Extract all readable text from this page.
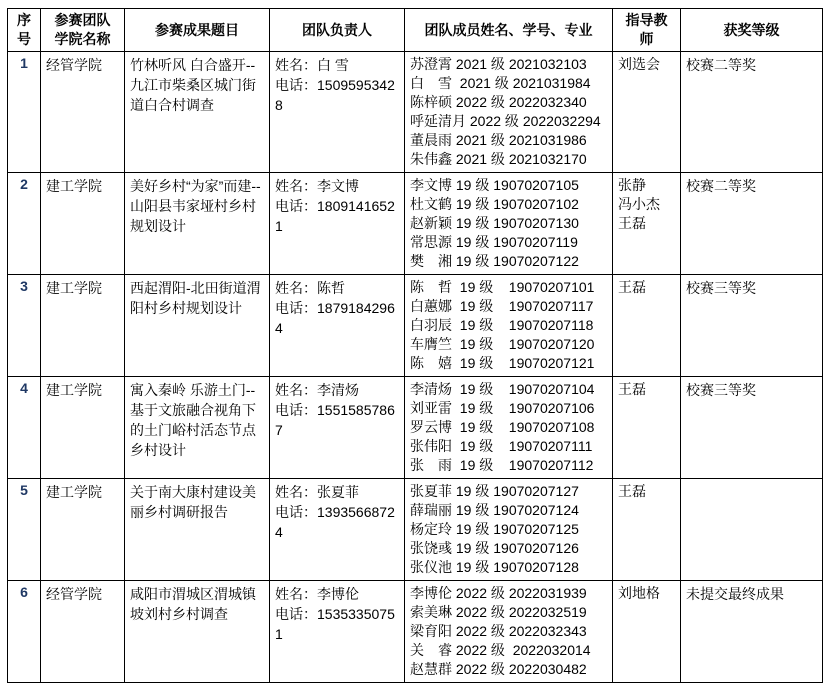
序
号	参赛团队
学院名称	参赛成果题目	团队负责人	团队成员姓名、学号、专业	指导教
师	获奖等级
1	经管学院	竹林听风 白合盛开--九江市柴桑区城门街道白合村调查	
姓名：白 雪
电话：15095953428

苏澄霄 2021 级 2021032103
白　雪  2021 级 2021031984
陈梓硕 2022 级 2022032340
呼延清月 2022 级 2022032294
董晨雨 2021 级 2021031986
朱伟鑫 2021 级 2021032170

刘选会	校赛二等奖
2	建工学院	美好乡村“为家”而建--山阳县韦家垭村乡村规划设计	
姓名：李文博
电话：18091416521

李文博 19 级 19070207105
杜文鹤 19 级 19070207102
赵新颖 19 级 19070207130
常思源 19 级 19070207119
樊　湘 19 级 19070207122

张静
冯小杰
王磊
	校赛二等奖
3	建工学院	西起渭阳-北田街道渭阳村乡村规划设计	
姓名：陈哲
电话：18791842964

陈　哲  19 级    19070207101
白蕙娜  19 级    19070207117
白羽辰  19 级    19070207118
车膺竺  19 级    19070207120
陈　嬉  19 级    19070207121

王磊	校赛三等奖
4	建工学院	寓入秦岭 乐游土门--基于文旅融合视角下的土门峪村活态节点乡村设计	
姓名：李清炀
电话：15515857867

李清炀  19 级    19070207104
刘亚雷  19 级    19070207106
罗云博  19 级    19070207108
张伟阳  19 级    19070207111
张　雨  19 级    19070207112

王磊	校赛三等奖
5	建工学院	关于南大康村建设美丽乡村调研报告	
姓名：张夏菲
电话：13935668724

张夏菲 19 级 19070207127
薛瑞丽 19 级 19070207124
杨定玲 19 级 19070207125
张饶彧 19 级 19070207126
张仪池 19 级 19070207128

王磊

6	经管学院	咸阳市渭城区渭城镇坡刘村乡村调查	
姓名：李博伦
电话：15353350751

李博伦 2022 级 2022031939
索美琳 2022 级 2022032519
梁育阳 2022 级 2022032343
关　睿 2022 级  2022032014
赵慧群 2022 级 2022030482

刘地格	未提交最终成果
